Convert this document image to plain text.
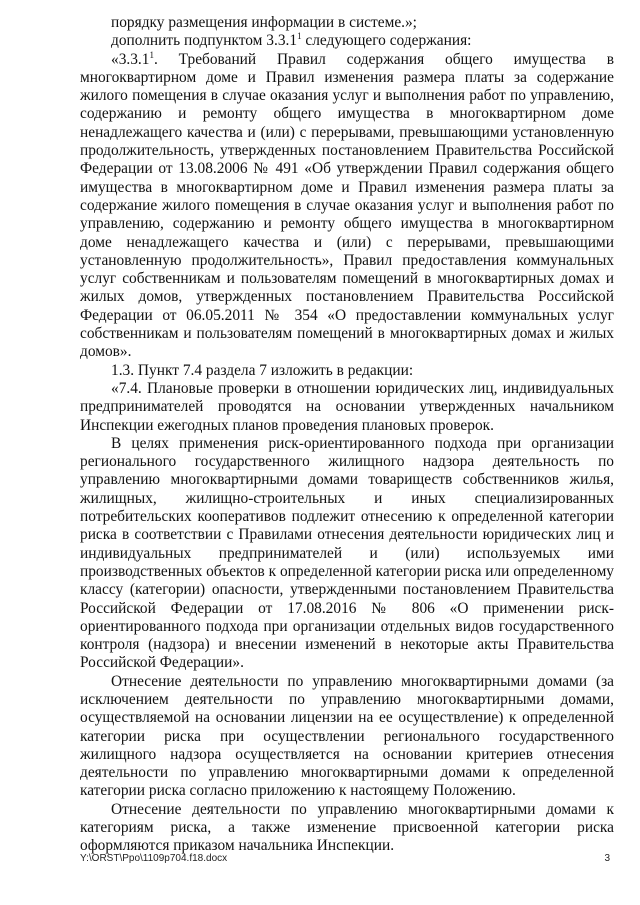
порядку размещения информации в системе.»;

дополнить подпунктом 3.3.1$^1$ следующего содержания:

«3.3.1$^1$. Требований Правил содержания общего имущества в многоквартирном доме и Правил изменения размера платы за содержание жилого помещения в случае оказания услуг и выполнения работ по управлению, содержанию и ремонту общего имущества в многоквартирном доме ненадлежащего качества и (или) с перерывами, превышающими установленную продолжительность, утвержденных постановлением Правительства Российской Федерации от 13.08.2006 № 491 «Об утверждении Правил содержания общего имущества в многоквартирном доме и Правил изменения размера платы за содержание жилого помещения в случае оказания услуг и выполнения работ по управлению, содержанию и ремонту общего имущества в многоквартирном доме ненадлежащего качества и (или) с перерывами, превышающими установленную продолжительность», Правил предоставления коммунальных услуг собственникам и пользователям помещений в многоквартирных домах и жилых домов, утвержденных постановлением Правительства Российской Федерации от 06.05.2011 № 354 «О предоставлении коммунальных услуг собственникам и пользователям помещений в многоквартирных домах и жилых домов».

1.3. Пункт 7.4 раздела 7 изложить в редакции:

«7.4. Плановые проверки в отношении юридических лиц, индивидуальных предпринимателей проводятся на основании утвержденных начальником Инспекции ежегодных планов проведения плановых проверок.

В целях применения риск-ориентированного подхода при организации регионального государственного жилищного надзора деятельность по управлению многоквартирными домами товариществ собственников жилья, жилищных, жилищно-строительных и иных специализированных потребительских кооперативов подлежит отнесению к определенной категории риска в соответствии с Правилами отнесения деятельности юридических лиц и индивидуальных предпринимателей и (или) используемых ими производственных объектов к определенной категории риска или определенному классу (категории) опасности, утвержденными постановлением Правительства Российской Федерации от 17.08.2016 № 806 «О применении риск-ориентированного подхода при организации отдельных видов государственного контроля (надзора) и внесении изменений в некоторые акты Правительства Российской Федерации».

Отнесение деятельности по управлению многоквартирными домами (за исключением деятельности по управлению многоквартирными домами, осуществляемой на основании лицензии на ее осуществление) к определенной категории риска при осуществлении регионального государственного жилищного надзора осуществляется на основании критериев отнесения деятельности по управлению многоквартирными домами к определенной категории риска согласно приложению к настоящему Положению.

Отнесение деятельности по управлению многоквартирными домами к категориям риска, а также изменение присвоенной категории риска оформляются приказом начальника Инспекции.

Y:\ORST\Ppo\1109p704.f18.docx	3
